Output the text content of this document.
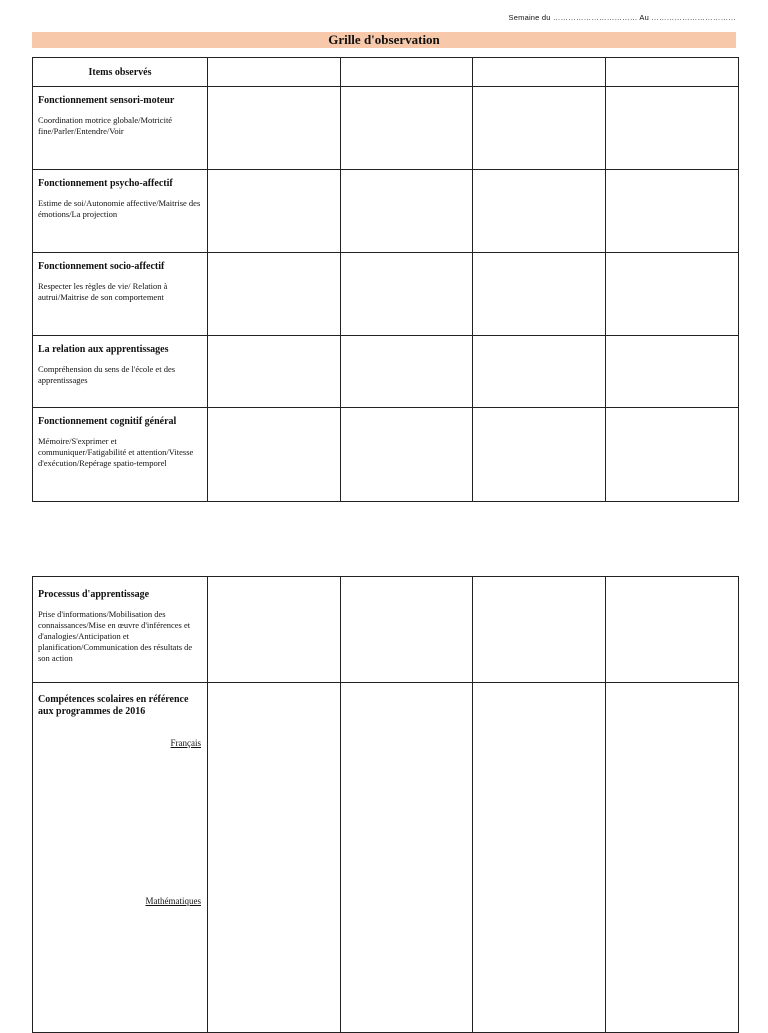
Semaine du …………………………… Au ……………………………
Grille d'observation
Items observés				

Fonctionnement sensori-moteur
Coordination motrice globale/Motricité fine/Parler/Entendre/Voir				

Fonctionnement psycho-affectif
Estime de soi/Autonomie affective/Maitrise des émotions/La projection				

Fonctionnement socio-affectif
Respecter les règles de vie/ Relation à autrui/Maitrise de son comportement				

La relation aux apprentissages
Compréhension du sens de l'école et des apprentissages				

Fonctionnement cognitif général
Mémoire/S'exprimer et communiquer/Fatigabilité et attention/Vitesse d'exécution/Repérage spatio-temporel				

Processus d'apprentissage
Prise d'informations/Mobilisation des connaissances/Mise en œuvre d'inférences et d'analogies/Anticipation et planification/Communication des résultats de son action				

Compétences scolaires en référence aux programmes de 2016
Français
Mathématiques				
